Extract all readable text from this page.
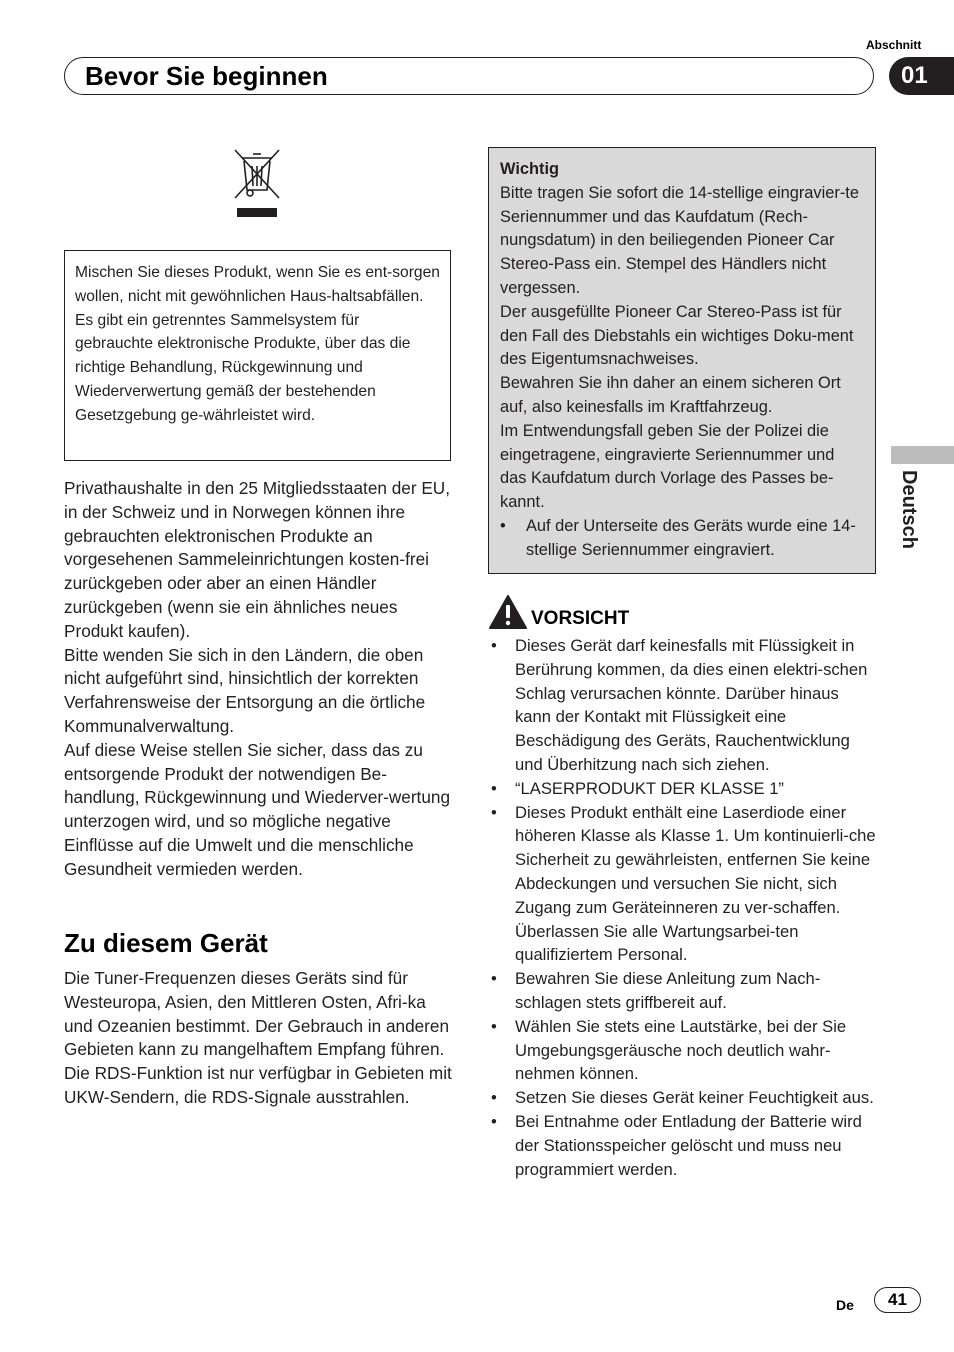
Abschnitt
Bevor Sie beginnen	01
Deutsch
Mischen Sie dieses Produkt, wenn Sie es ent-sorgen wollen, nicht mit gewöhnlichen Haus-haltsabfällen. Es gibt ein getrenntes Sammelsystem für gebrauchte elektronische Produkte, über das die richtige Behandlung, Rückgewinnung und Wiederverwertung gemäß der bestehenden Gesetzgebung ge-währleistet wird.

Privathaushalte in den 25 Mitgliedsstaaten der EU, in der Schweiz und in Norwegen können ihre gebrauchten elektronischen Produkte an vorgesehenen Sammeleinrichtungen kosten-frei zurückgeben oder aber an einen Händler zurückgeben (wenn sie ein ähnliches neues Produkt kaufen).

Bitte wenden Sie sich in den Ländern, die oben nicht aufgeführt sind, hinsichtlich der korrekten Verfahrensweise der Entsorgung an die örtliche Kommunalverwaltung.

Auf diese Weise stellen Sie sicher, dass das zu entsorgende Produkt der notwendigen Be-handlung, Rückgewinnung und Wiederver-wertung unterzogen wird, und so mögliche negative Einflüsse auf die Umwelt und die menschliche Gesundheit vermieden werden.

Zu diesem Gerät

Die Tuner-Frequenzen dieses Geräts sind für Westeuropa, Asien, den Mittleren Osten, Afri-ka und Ozeanien bestimmt. Der Gebrauch in anderen Gebieten kann zu mangelhaftem Empfang führen. Die RDS-Funktion ist nur verfügbar in Gebieten mit UKW-Sendern, die RDS-Signale ausstrahlen.

Wichtig
Bitte tragen Sie sofort die 14-stellige eingravier-te Seriennummer und das Kaufdatum (Rech-nungsdatum) in den beiliegenden Pioneer Car Stereo-Pass ein. Stempel des Händlers nicht vergessen.
Der ausgefüllte Pioneer Car Stereo-Pass ist für den Fall des Diebstahls ein wichtiges Doku-ment des Eigentumsnachweises.
Bewahren Sie ihn daher an einem sicheren Ort auf, also keinesfalls im Kraftfahrzeug.
Im Entwendungsfall geben Sie der Polizei die eingetragene, eingravierte Seriennummer und das Kaufdatum durch Vorlage des Passes be-kannt.
• Auf der Unterseite des Geräts wurde eine 14-stellige Seriennummer eingraviert.
VORSICHT
• Dieses Gerät darf keinesfalls mit Flüssigkeit in Berührung kommen, da dies einen elektri-schen Schlag verursachen könnte. Darüber hinaus kann der Kontakt mit Flüssigkeit eine Beschädigung des Geräts, Rauchentwicklung und Überhitzung nach sich ziehen.
• “LASERPRODUKT DER KLASSE 1”
• Dieses Produkt enthält eine Laserdiode einer höheren Klasse als Klasse 1. Um kontinuierli-che Sicherheit zu gewährleisten, entfernen Sie keine Abdeckungen und versuchen Sie nicht, sich Zugang zum Geräteinneren zu ver-schaffen. Überlassen Sie alle Wartungsarbei-ten qualifiziertem Personal.
• Bewahren Sie diese Anleitung zum Nach-schlagen stets griffbereit auf.
• Wählen Sie stets eine Lautstärke, bei der Sie Umgebungsgeräusche noch deutlich wahr-nehmen können.
• Setzen Sie dieses Gerät keiner Feuchtigkeit aus.
• Bei Entnahme oder Entladung der Batterie wird der Stationsspeicher gelöscht und muss neu programmiert werden.
De	41
